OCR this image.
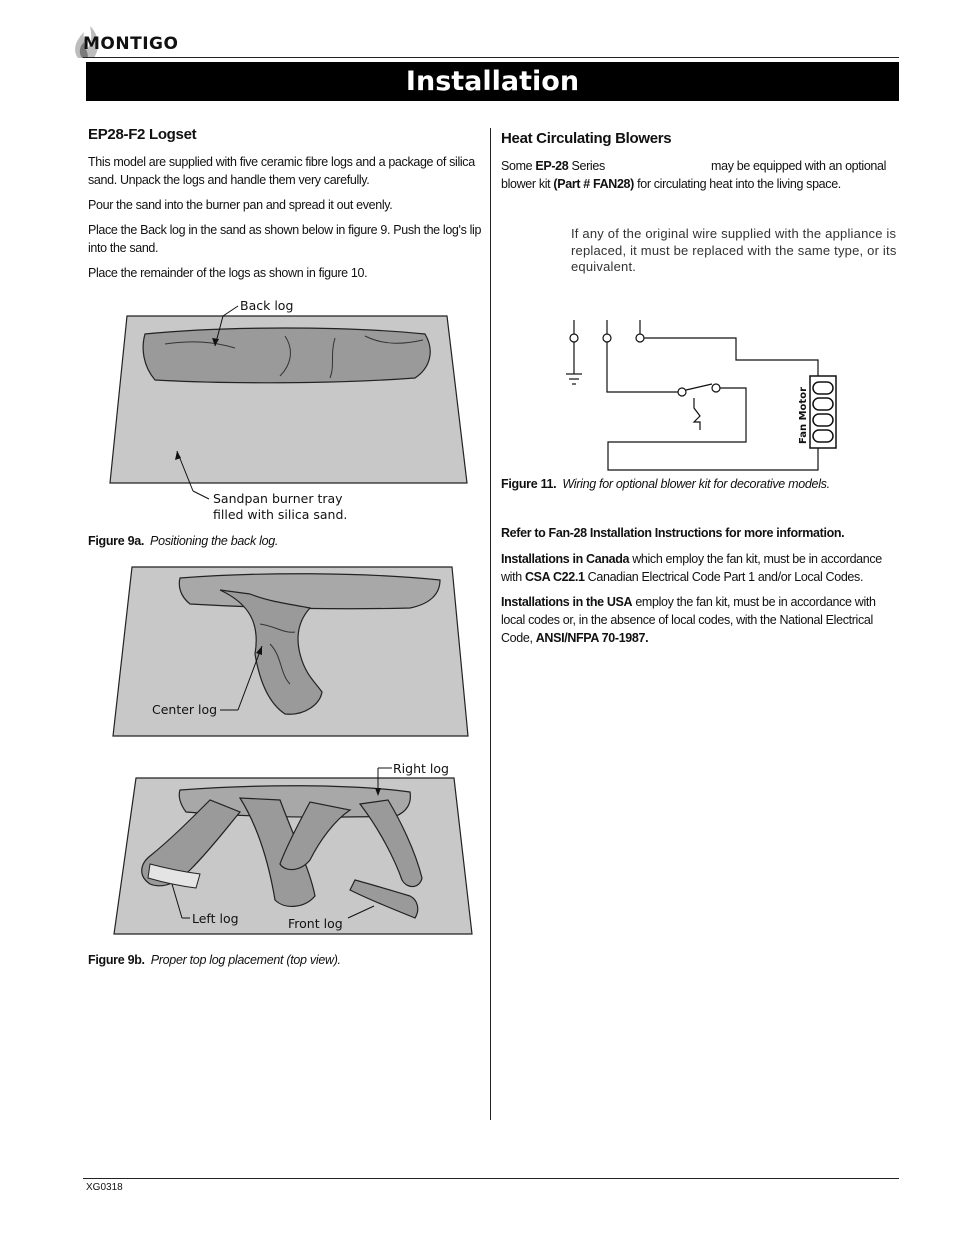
MONTIGO
Installation
EP28-F2 Logset

This model are supplied with five ceramic fibre logs and a package of silica sand. Unpack the logs and handle them very carefully.

Pour the sand into the burner pan and spread it out evenly.

Place the Back log in the sand as shown below in figure 9. Push the log's lip into the sand.

Place the remainder of the logs as shown in figure 10.

Back log
Sandpan burner tray
filled with silica sand.
Figure 9a. Positioning the back log.
Center log
Right log
Left log	Front log
Figure 9b. Proper top log placement (top view).
Heat Circulating Blowers

Some EP-28 Series                                  may be equipped with an optional blower kit (Part # FAN28) for circulating heat into the living space.

If any of the original wire supplied with the appliance is replaced, it must be replaced with the same type, or its equivalent.
Fan Motor
Figure 11. Wiring for optional blower kit for decorative models.

Refer to Fan-28 Installation Instructions for more information.

Installations in Canada which employ the fan kit, must be in accordance with CSA C22.1 Canadian Electrical Code Part 1 and/or Local Codes.

Installations in the USA employ the fan kit, must be in accordance with local codes or, in the absence of local codes, with the National Electrical Code, ANSI/NFPA 70-1987.

XG0318
